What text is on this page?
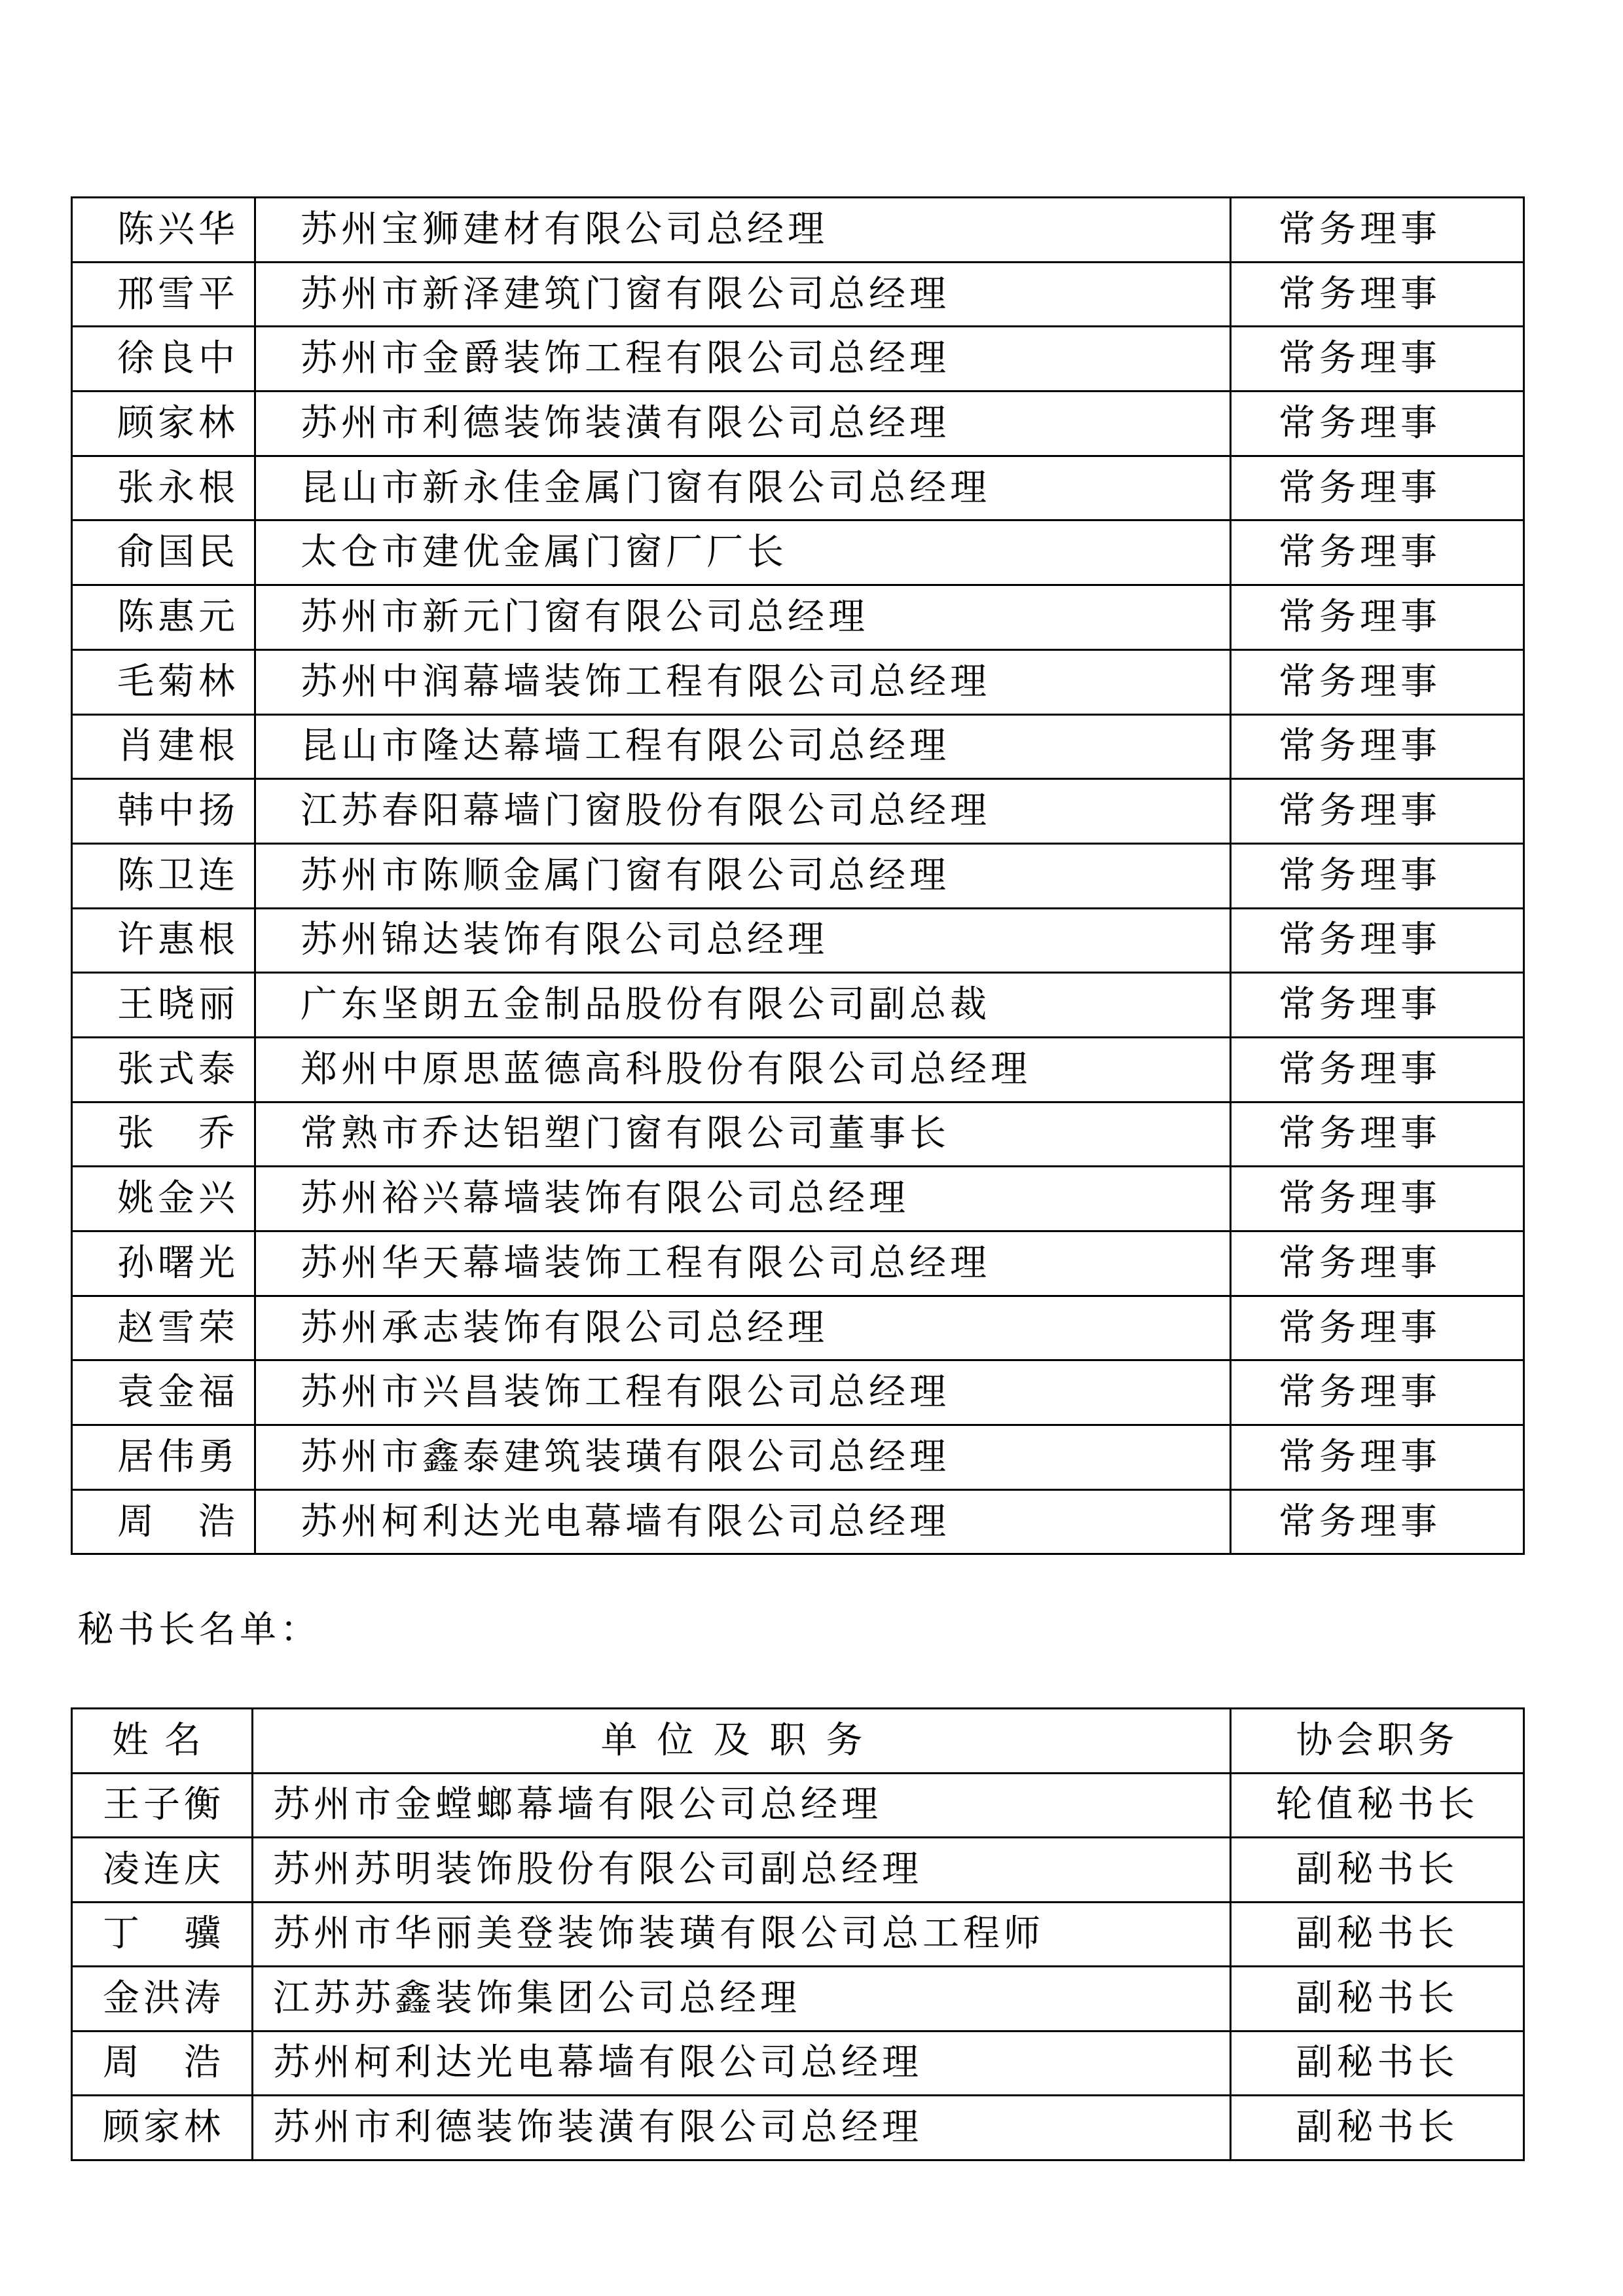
陈兴华	苏州宝狮建材有限公司总经理	常务理事
邢雪平	苏州市新泽建筑门窗有限公司总经理	常务理事
徐良中	苏州市金爵装饰工程有限公司总经理	常务理事
顾家林	苏州市利德装饰装潢有限公司总经理	常务理事
张永根	昆山市新永佳金属门窗有限公司总经理	常务理事
俞国民	太仓市建优金属门窗厂厂长	常务理事
陈惠元	苏州市新元门窗有限公司总经理	常务理事
毛菊林	苏州中润幕墙装饰工程有限公司总经理	常务理事
肖建根	昆山市隆达幕墙工程有限公司总经理	常务理事
韩中扬	江苏春阳幕墙门窗股份有限公司总经理	常务理事
陈卫连	苏州市陈顺金属门窗有限公司总经理	常务理事
许惠根	苏州锦达装饰有限公司总经理	常务理事
王晓丽	广东坚朗五金制品股份有限公司副总裁	常务理事
张式泰	郑州中原思蓝德高科股份有限公司总经理	常务理事
张　乔	常熟市乔达铝塑门窗有限公司董事长	常务理事
姚金兴	苏州裕兴幕墙装饰有限公司总经理	常务理事
孙曙光	苏州华天幕墙装饰工程有限公司总经理	常务理事
赵雪荣	苏州承志装饰有限公司总经理	常务理事
袁金福	苏州市兴昌装饰工程有限公司总经理	常务理事
居伟勇	苏州市鑫泰建筑装璜有限公司总经理	常务理事
周　浩	苏州柯利达光电幕墙有限公司总经理	常务理事
秘书长名单：
姓名	单位及职务	协会职务
王子衡	苏州市金螳螂幕墙有限公司总经理	轮值秘书长
凌连庆	苏州苏明装饰股份有限公司副总经理	副秘书长
丁　骥	苏州市华丽美登装饰装璜有限公司总工程师	副秘书长
金洪涛	江苏苏鑫装饰集团公司总经理	副秘书长
周　浩	苏州柯利达光电幕墙有限公司总经理	副秘书长
顾家林	苏州市利德装饰装潢有限公司总经理	副秘书长
